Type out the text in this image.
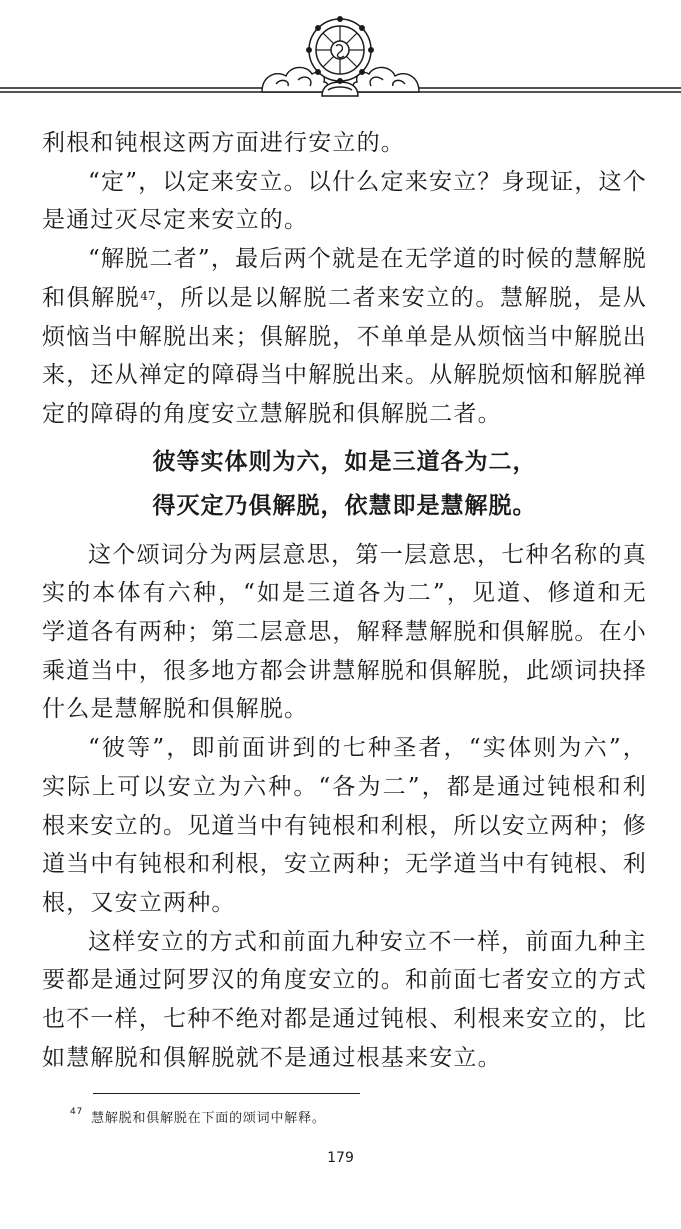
利根和钝根这两方面进行安立的。

“定”，以定来安立。以什么定来安立？身现证，这个是通过灭尽定来安立的。

“解脱二者”，最后两个就是在无学道的时候的慧解脱和俱解脱$^{47}$，所以是以解脱二者来安立的。慧解脱，是从烦恼当中解脱出来；俱解脱，不单单是从烦恼当中解脱出来，还从禅定的障碍当中解脱出来。从解脱烦恼和解脱禅定的障碍的角度安立慧解脱和俱解脱二者。

彼等实体则为六，如是三道各为二，
得灭定乃俱解脱，依慧即是慧解脱。

这个颂词分为两层意思，第一层意思，七种名称的真实的本体有六种，“如是三道各为二”，见道、修道和无学道各有两种；第二层意思，解释慧解脱和俱解脱。在小乘道当中，很多地方都会讲慧解脱和俱解脱，此颂词抉择什么是慧解脱和俱解脱。

“彼等”，即前面讲到的七种圣者，“实体则为六”，实际上可以安立为六种。“各为二”，都是通过钝根和利根来安立的。见道当中有钝根和利根，所以安立两种；修道当中有钝根和利根，安立两种；无学道当中有钝根、利根，又安立两种。

这样安立的方式和前面九种安立不一样，前面九种主要都是通过阿罗汉的角度安立的。和前面七者安立的方式也不一样，七种不绝对都是通过钝根、利根来安立的，比如慧解脱和俱解脱就不是通过根基来安立。

$^{47}$ 慧解脱和俱解脱在下面的颂词中解释。
179
